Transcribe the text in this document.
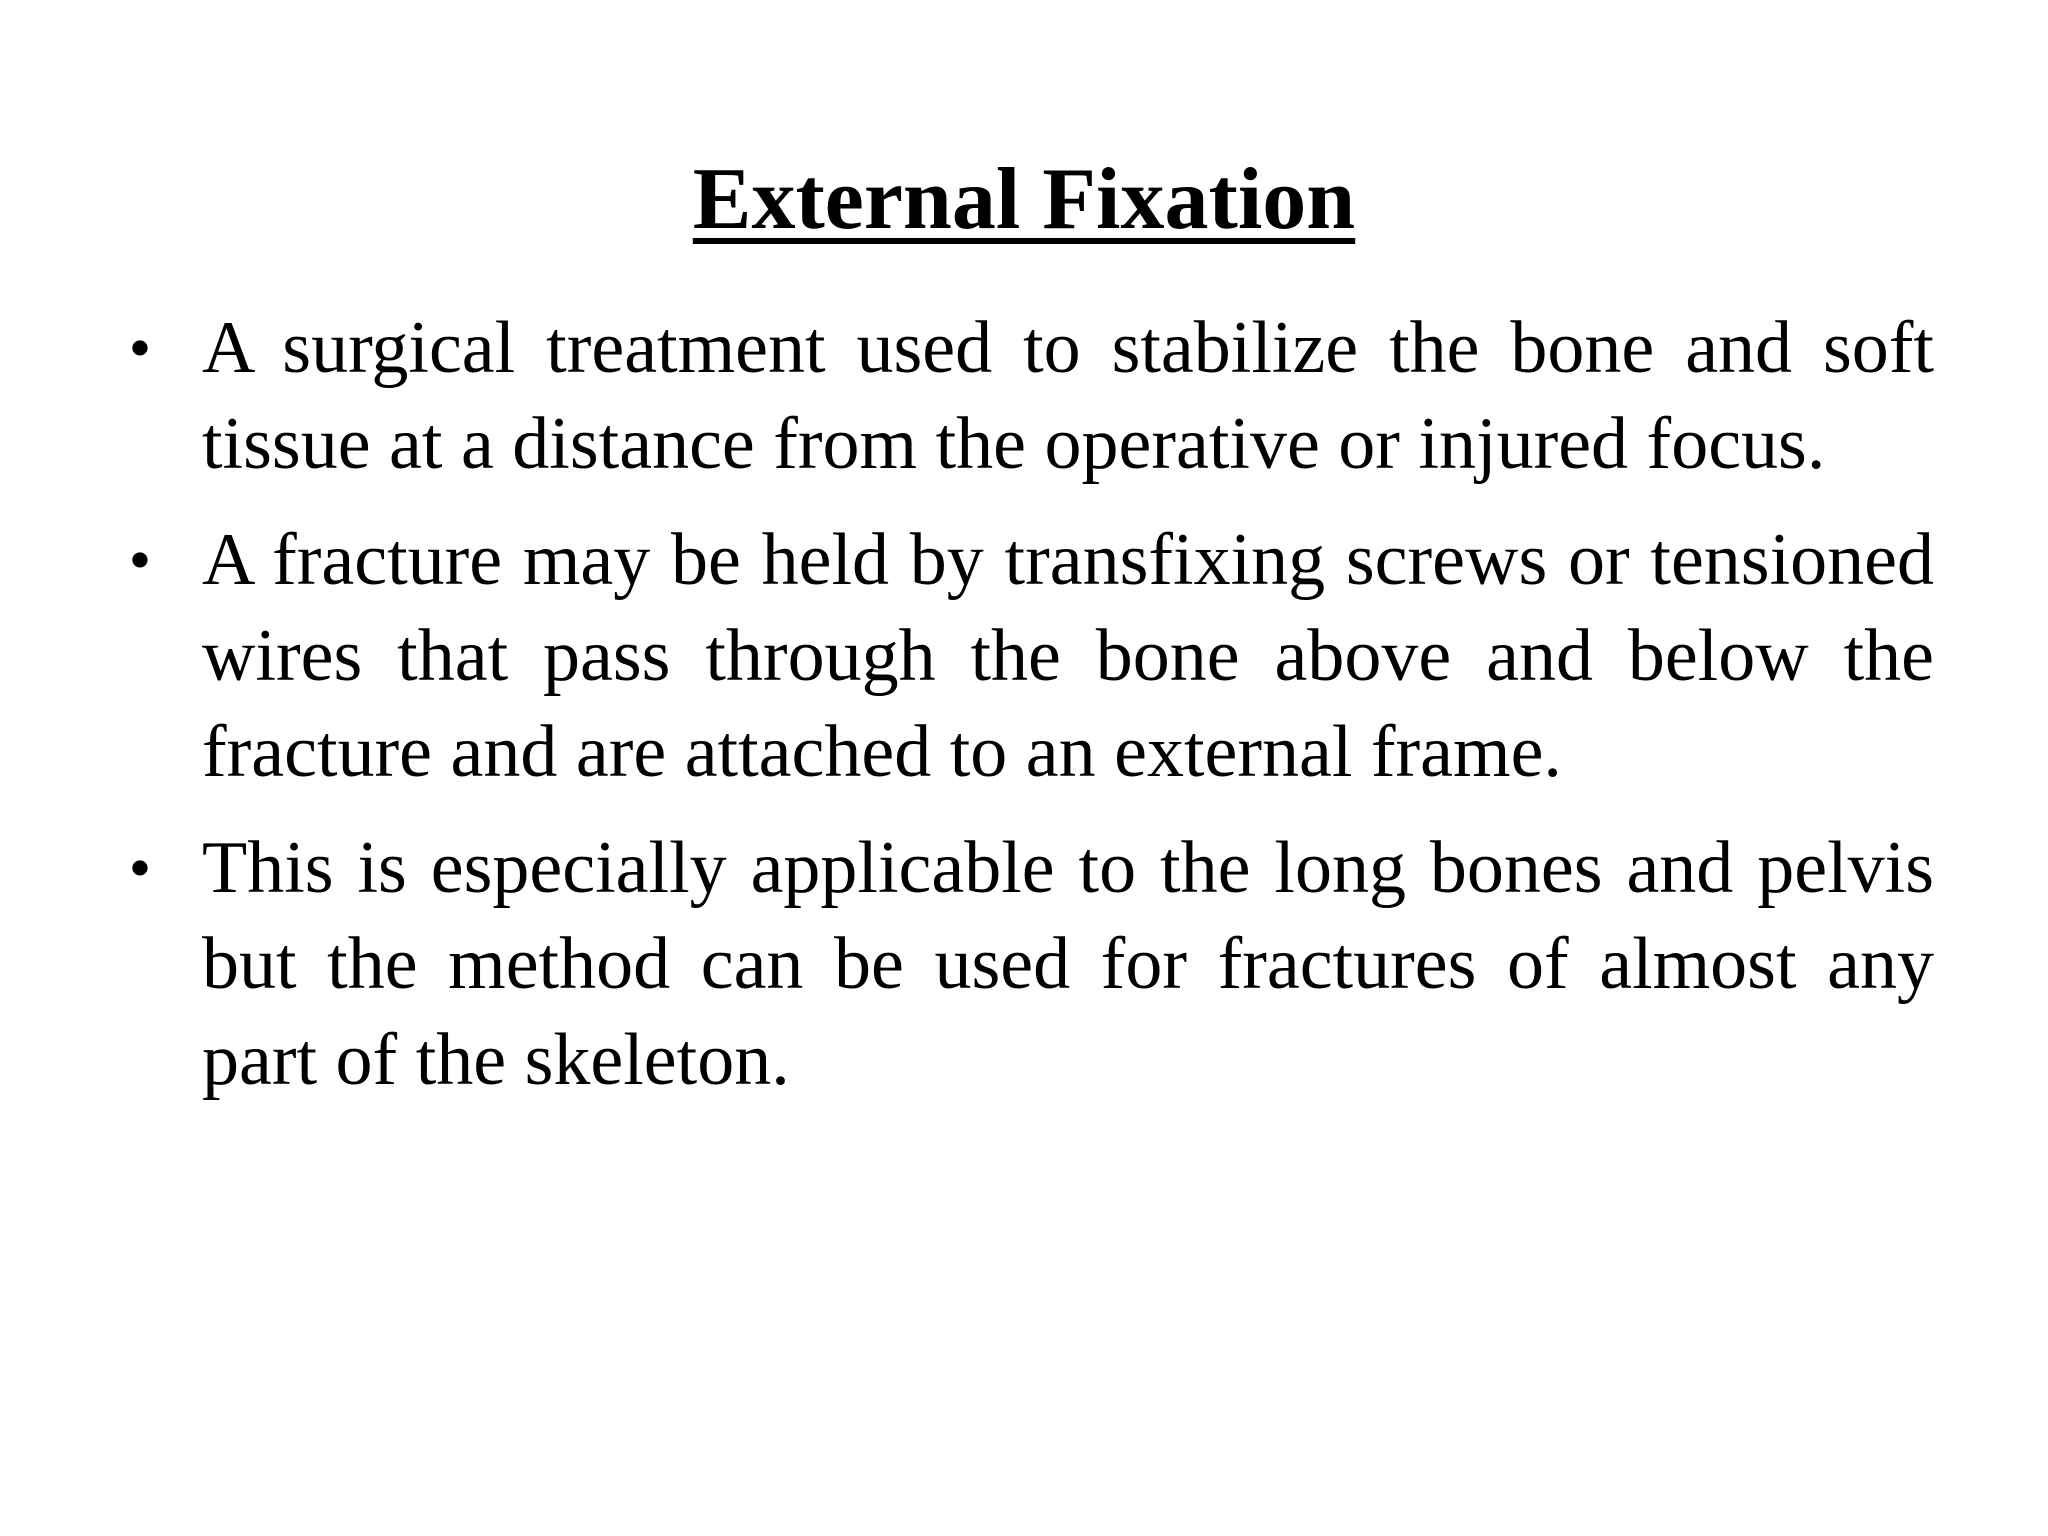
External Fixation
• A surgical treatment used to stabilize the bone and soft tissue at a distance from the operative or injured focus.
• A fracture may be held by transfixing screws or tensioned wires that pass through the bone above and below the fracture and are attached to an external frame.
• This is especially applicable to the long bones and pelvis but the method can be used for fractures of almost any part of the skeleton.
